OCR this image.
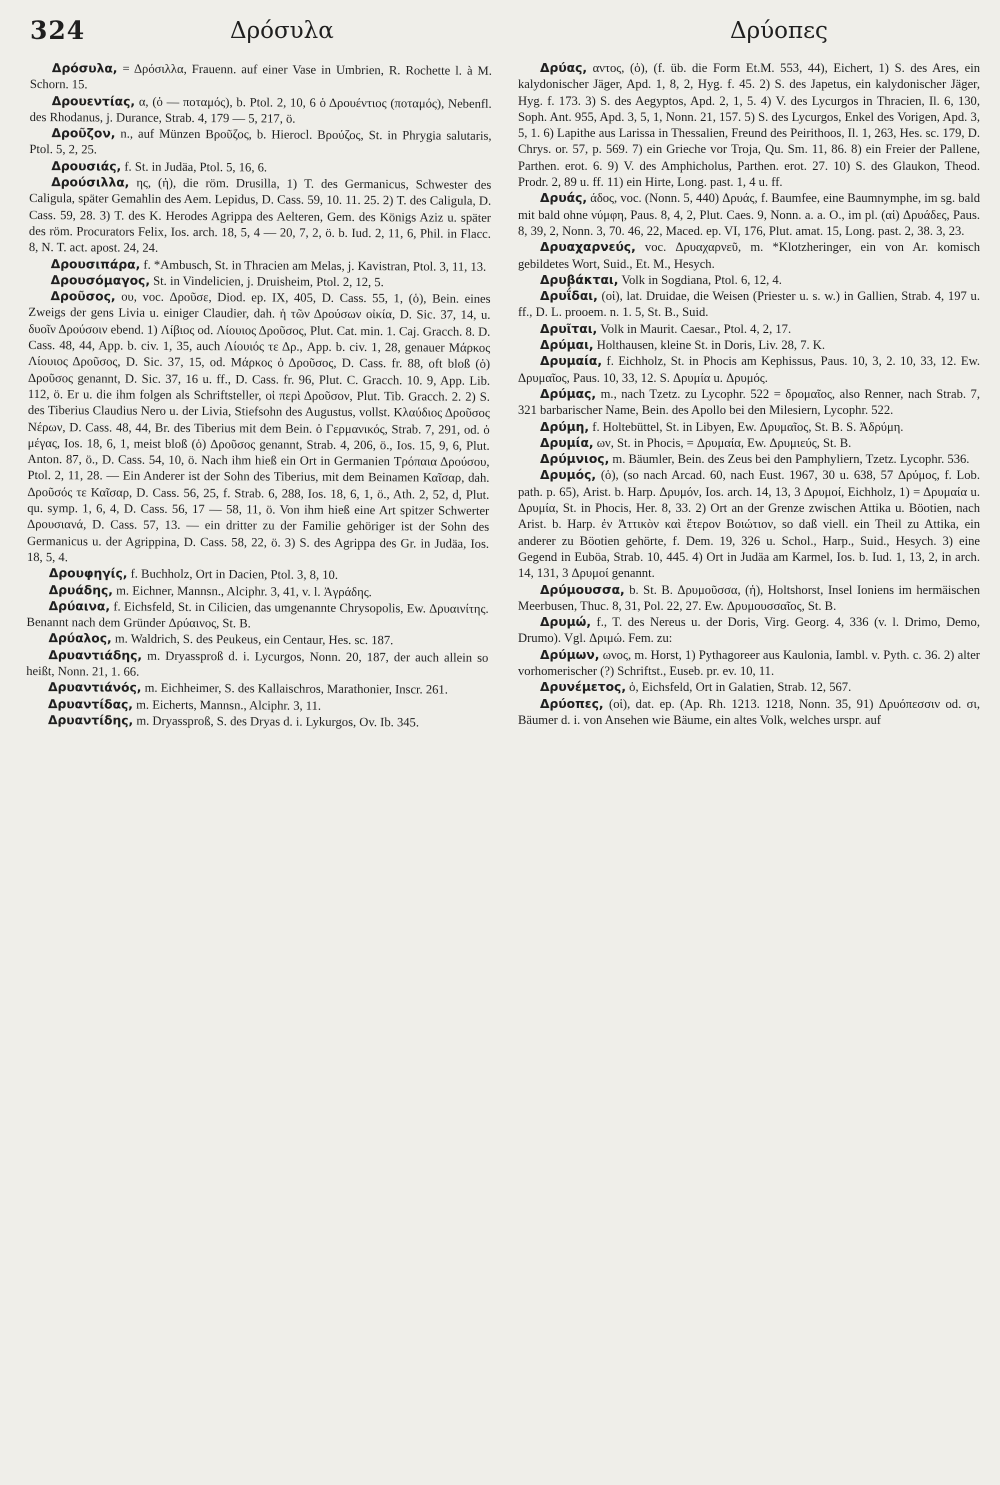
324	Δρόσυλα	Δρύοπες

Δρόσυλα, = Δρόσιλλα, Frauenn. auf einer Vase in Umbrien, R. Rochette l. à M. Schorn. 15.

Δρουεντίας, α, (ὁ — ποταμός), b. Ptol. 2, 10, 6 ὁ Δρουέντιος (ποταμός), Nebenfl. des Rhodanus, j. Durance, Strab. 4, 179 — 5, 217, ö.

Δροῦζον, n., auf Münzen Βροῦζος, b. Hierocl. Βρούζος, St. in Phrygia salutaris, Ptol. 5, 2, 25.

Δρουσιάς, f. St. in Judäa, Ptol. 5, 16, 6.

Δρούσιλλα, ης, (ἡ), die röm. Drusilla, 1) T. des Germanicus, Schwester des Caligula, später Gemahlin des Aem. Lepidus, D. Cass. 59, 10. 11. 25. 2) T. des Caligula, D. Cass. 59, 28. 3) T. des K. Herodes Agrippa des Aelteren, Gem. des Königs Aziz u. später des röm. Procurators Felix, Ios. arch. 18, 5, 4 — 20, 7, 2, ö. b. Iud. 2, 11, 6, Phil. in Flacc. 8, N. T. act. apost. 24, 24.

Δρουσιπάρα, f. *Ambusch, St. in Thracien am Melas, j. Kavistran, Ptol. 3, 11, 13.

Δρουσόμαγος, St. in Vindelicien, j. Druisheim, Ptol. 2, 12, 5.

Δροῦσος, ου, voc. Δροῦσε, Diod. ep. IX, 405, D. Cass. 55, 1, (ὁ), Bein. eines Zweigs der gens Livia u. einiger Claudier, dah. ἡ τῶν Δρούσων οἰκία, D. Sic. 37, 14, u. δυοῖν Δρούσοιν ebend. 1) Λίβιος od. Λίουιος Δροῦσος, Plut. Cat. min. 1. Caj. Gracch. 8. D. Cass. 48, 44, App. b. civ. 1, 35, auch Λίουιός τε Δρ., App. b. civ. 1, 28, genauer Μάρκος Λίουιος Δροῦσος, D. Sic. 37, 15, od. Μάρκος ὁ Δροῦσος, D. Cass. fr. 88, oft bloß (ὁ) Δροῦσος genannt, D. Sic. 37, 16 u. ff., D. Cass. fr. 96, Plut. C. Gracch. 10. 9, App. Lib. 112, ö. Er u. die ihm folgen als Schriftsteller, οἱ περὶ Δροῦσον, Plut. Tib. Gracch. 2. 2) S. des Tiberius Claudius Nero u. der Livia, Stiefsohn des Augustus, vollst. Κλαύδιος Δροῦσος Νέρων, D. Cass. 48, 44, Br. des Tiberius mit dem Bein. ὁ Γερμανικός, Strab. 7, 291, od. ὁ μέγας, Ios. 18, 6, 1, meist bloß (ὁ) Δροῦσος genannt, Strab. 4, 206, ö., Ios. 15, 9, 6, Plut. Anton. 87, ö., D. Cass. 54, 10, ö. Nach ihm hieß ein Ort in Germanien Τρόπαια Δρούσου, Ptol. 2, 11, 28. — Ein Anderer ist der Sohn des Tiberius, mit dem Beinamen Καῖσαρ, dah. Δροῦσός τε Καῖσαρ, D. Cass. 56, 25, f. Strab. 6, 288, Ios. 18, 6, 1, ö., Ath. 2, 52, d, Plut. qu. symp. 1, 6, 4, D. Cass. 56, 17 — 58, 11, ö. Von ihm hieß eine Art spitzer Schwerter Δρουσιανά, D. Cass. 57, 13. — ein dritter zu der Familie gehöriger ist der Sohn des Germanicus u. der Agrippina, D. Cass. 58, 22, ö. 3) S. des Agrippa des Gr. in Judäa, Ios. 18, 5, 4.

Δρουφηγίς, f. Buchholz, Ort in Dacien, Ptol. 3, 8, 10.

Δρυάδης, m. Eichner, Mannsn., Alciphr. 3, 41, v. l. Ἀγράδης.

Δρύαινα, f. Eichsfeld, St. in Cilicien, das umgenannte Chrysopolis, Ew. Δρυαινίτης. Benannt nach dem Gründer Δρύαινος, St. B.

Δρύαλος, m. Waldrich, S. des Peukeus, ein Centaur, Hes. sc. 187.

Δρυαντιάδης, m. Dryassproß d. i. Lycurgos, Nonn. 20, 187, der auch allein so heißt, Nonn. 21, 1. 66.

Δρυαντιάνός, m. Eichheimer, S. des Kallaischros, Marathonier, Inscr. 261.

Δρυαντίδας, m. Eicherts, Mannsn., Alciphr. 3, 11.

Δρυαντίδης, m. Dryassproß, S. des Dryas d. i. Lykurgos, Ov. Ib. 345.

Δρύας, αντος, (ὁ), (f. üb. die Form Et.M. 553, 44), Eichert, 1) S. des Ares, ein kalydonischer Jäger, Apd. 1, 8, 2, Hyg. f. 45. 2) S. des Japetus, ein kalydonischer Jäger, Hyg. f. 173. 3) S. des Aegyptos, Apd. 2, 1, 5. 4) V. des Lycurgos in Thracien, Il. 6, 130, Soph. Ant. 955, Apd. 3, 5, 1, Nonn. 21, 157. 5) S. des Lycurgos, Enkel des Vorigen, Apd. 3, 5, 1. 6) Lapithe aus Larissa in Thessalien, Freund des Peirithoos, Il. 1, 263, Hes. sc. 179, D. Chrys. or. 57, p. 569. 7) ein Grieche vor Troja, Qu. Sm. 11, 86. 8) ein Freier der Pallene, Parthen. erot. 6. 9) V. des Amphicholus, Parthen. erot. 27. 10) S. des Glaukon, Theod. Prodr. 2, 89 u. ff. 11) ein Hirte, Long. past. 1, 4 u. ff.

Δρυάς, άδος, voc. (Nonn. 5, 440) Δρυάς, f. Baumfee, eine Baumnymphe, im sg. bald mit bald ohne νύμφη, Paus. 8, 4, 2, Plut. Caes. 9, Nonn. a. a. O., im pl. (αἱ) Δρυάδες, Paus. 8, 39, 2, Nonn. 3, 70. 46, 22, Maced. ep. VI, 176, Plut. amat. 15, Long. past. 2, 38. 3, 23.

Δρυαχαρνεύς, voc. Δρυαχαρνεῦ, m. *Klotzheringer, ein von Ar. komisch gebildetes Wort, Suid., Et. M., Hesych.

Δρυβάκται, Volk in Sogdiana, Ptol. 6, 12, 4.

Δρυΐδαι, (οἱ), lat. Druidae, die Weisen (Priester u. s. w.) in Gallien, Strab. 4, 197 u. ff., D. L. prooem. n. 1. 5, St. B., Suid.

Δρυῖται, Volk in Maurit. Caesar., Ptol. 4, 2, 17.

Δρύμαι, Holthausen, kleine St. in Doris, Liv. 28, 7. K.

Δρυμαία, f. Eichholz, St. in Phocis am Kephissus, Paus. 10, 3, 2. 10, 33, 12. Ew. Δρυμαῖος, Paus. 10, 33, 12. S. Δρυμία u. Δρυμός.

Δρύμας, m., nach Tzetz. zu Lycophr. 522 = δρομαῖος, also Renner, nach Strab. 7, 321 barbarischer Name, Bein. des Apollo bei den Milesiern, Lycophr. 522.

Δρύμη, f. Holtebüttel, St. in Libyen, Ew. Δρυμαῖος, St. B. S. Ἀδρύμη.

Δρυμία, ων, St. in Phocis, = Δρυμαία, Ew. Δρυμιεύς, St. B.

Δρύμνιος, m. Bäumler, Bein. des Zeus bei den Pamphyliern, Tzetz. Lycophr. 536.

Δρυμός, (ὁ), (so nach Arcad. 60, nach Eust. 1967, 30 u. 638, 57 Δρύμος, f. Lob. path. p. 65), Arist. b. Harp. Δρυμόν, Ios. arch. 14, 13, 3 Δρυμοί, Eichholz, 1) = Δρυμαία u. Δρυμία, St. in Phocis, Her. 8, 33. 2) Ort an der Grenze zwischen Attika u. Böotien, nach Arist. b. Harp. ἐν Ἀττικὸν καὶ ἕτερον Βοιώτιον, so daß viell. ein Theil zu Attika, ein anderer zu Böotien gehörte, f. Dem. 19, 326 u. Schol., Harp., Suid., Hesych. 3) eine Gegend in Euböa, Strab. 10, 445. 4) Ort in Judäa am Karmel, Ios. b. Iud. 1, 13, 2, in arch. 14, 131, 3 Δρυμοί genannt.

Δρύμουσσα, b. St. B. Δρυμοῦσσα, (ἡ), Holtshorst, Insel Ioniens im hermäischen Meerbusen, Thuc. 8, 31, Pol. 22, 27. Ew. Δρυμουσσαῖος, St. B.

Δρυμώ, f., T. des Nereus u. der Doris, Virg. Georg. 4, 336 (v. l. Drimo, Demo, Drumo). Vgl. Δριμώ. Fem. zu:

Δρύμων, ωνος, m. Horst, 1) Pythagoreer aus Kaulonia, Iambl. v. Pyth. c. 36. 2) alter vorhomerischer (?) Schriftst., Euseb. pr. ev. 10, 11.

Δρυνέμετος, ὁ, Eichsfeld, Ort in Galatien, Strab. 12, 567.

Δρύοπες, (οἱ), dat. ep. (Ap. Rh. 1213. 1218, Nonn. 35, 91) Δρυόπεσσιν od. σι, Bäumer d. i. von Ansehen wie Bäume, ein altes Volk, welches urspr. auf
